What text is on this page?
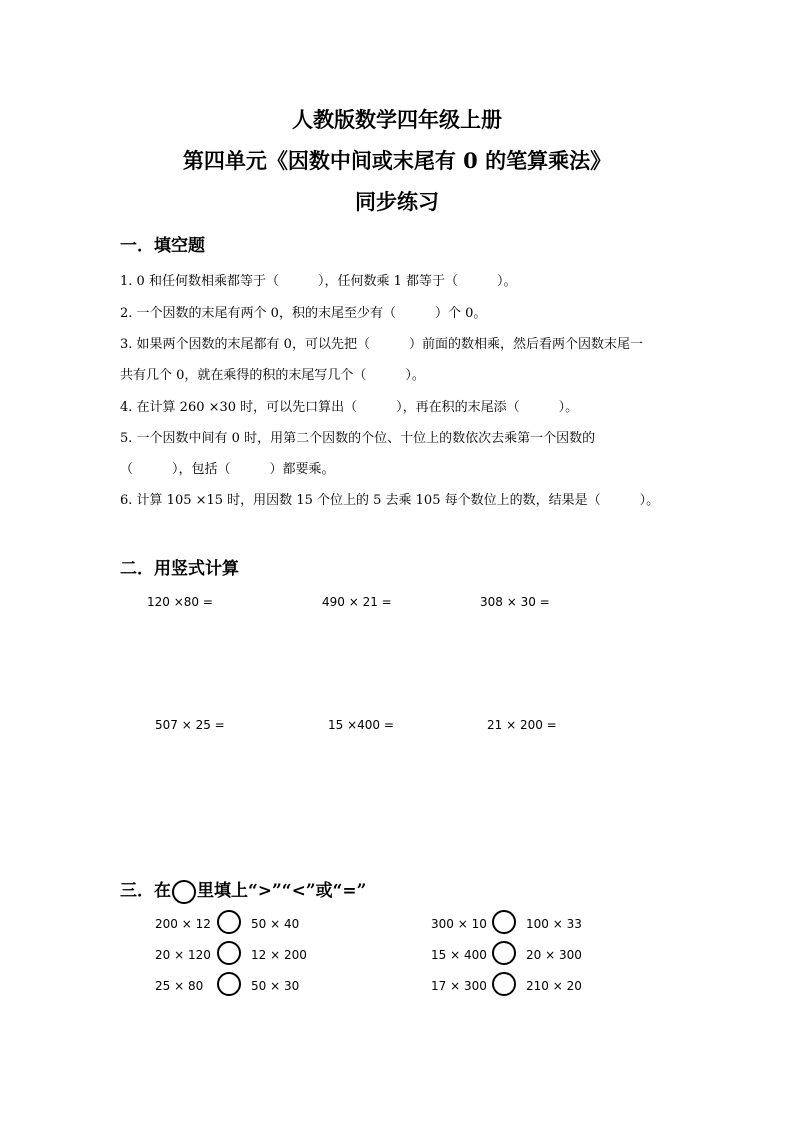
人教版数学四年级上册
第四单元《因数中间或末尾有 0 的笔算乘法》
同步练习
一．填空题
1. 0 和任何数相乘都等于（　　　），任何数乘 1 都等于（　　　）。
2. 一个因数的末尾有两个 0，积的末尾至少有（　　　）个 0。
3. 如果两个因数的末尾都有 0，可以先把（　　　）前面的数相乘，然后看两个因数末尾一
共有几个 0，就在乘得的积的末尾写几个（　　　）。
4. 在计算 260 ×30 时，可以先口算出（　　　），再在积的末尾添（　　　）。
5. 一个因数中间有 0 时，用第二个因数的个位、十位上的数依次去乘第一个因数的
（　　　），包括（　　　）都要乘。
6. 计算 105 ×15 时，用因数 15 个位上的 5 去乘 105 每个数位上的数，结果是（　　　）。
二．用竖式计算
120 ×80 =	490 × 21 =	308 × 30 =
507 × 25 =	15 ×400 =	21 × 200 =
三．在 里填上“>”“<”或“=”
200 × 12	50 × 40
20 × 120	12 × 200
25 × 80	50 × 30
300 × 10	100 × 33
15 × 400	20 × 300
17 × 300	210 × 20
